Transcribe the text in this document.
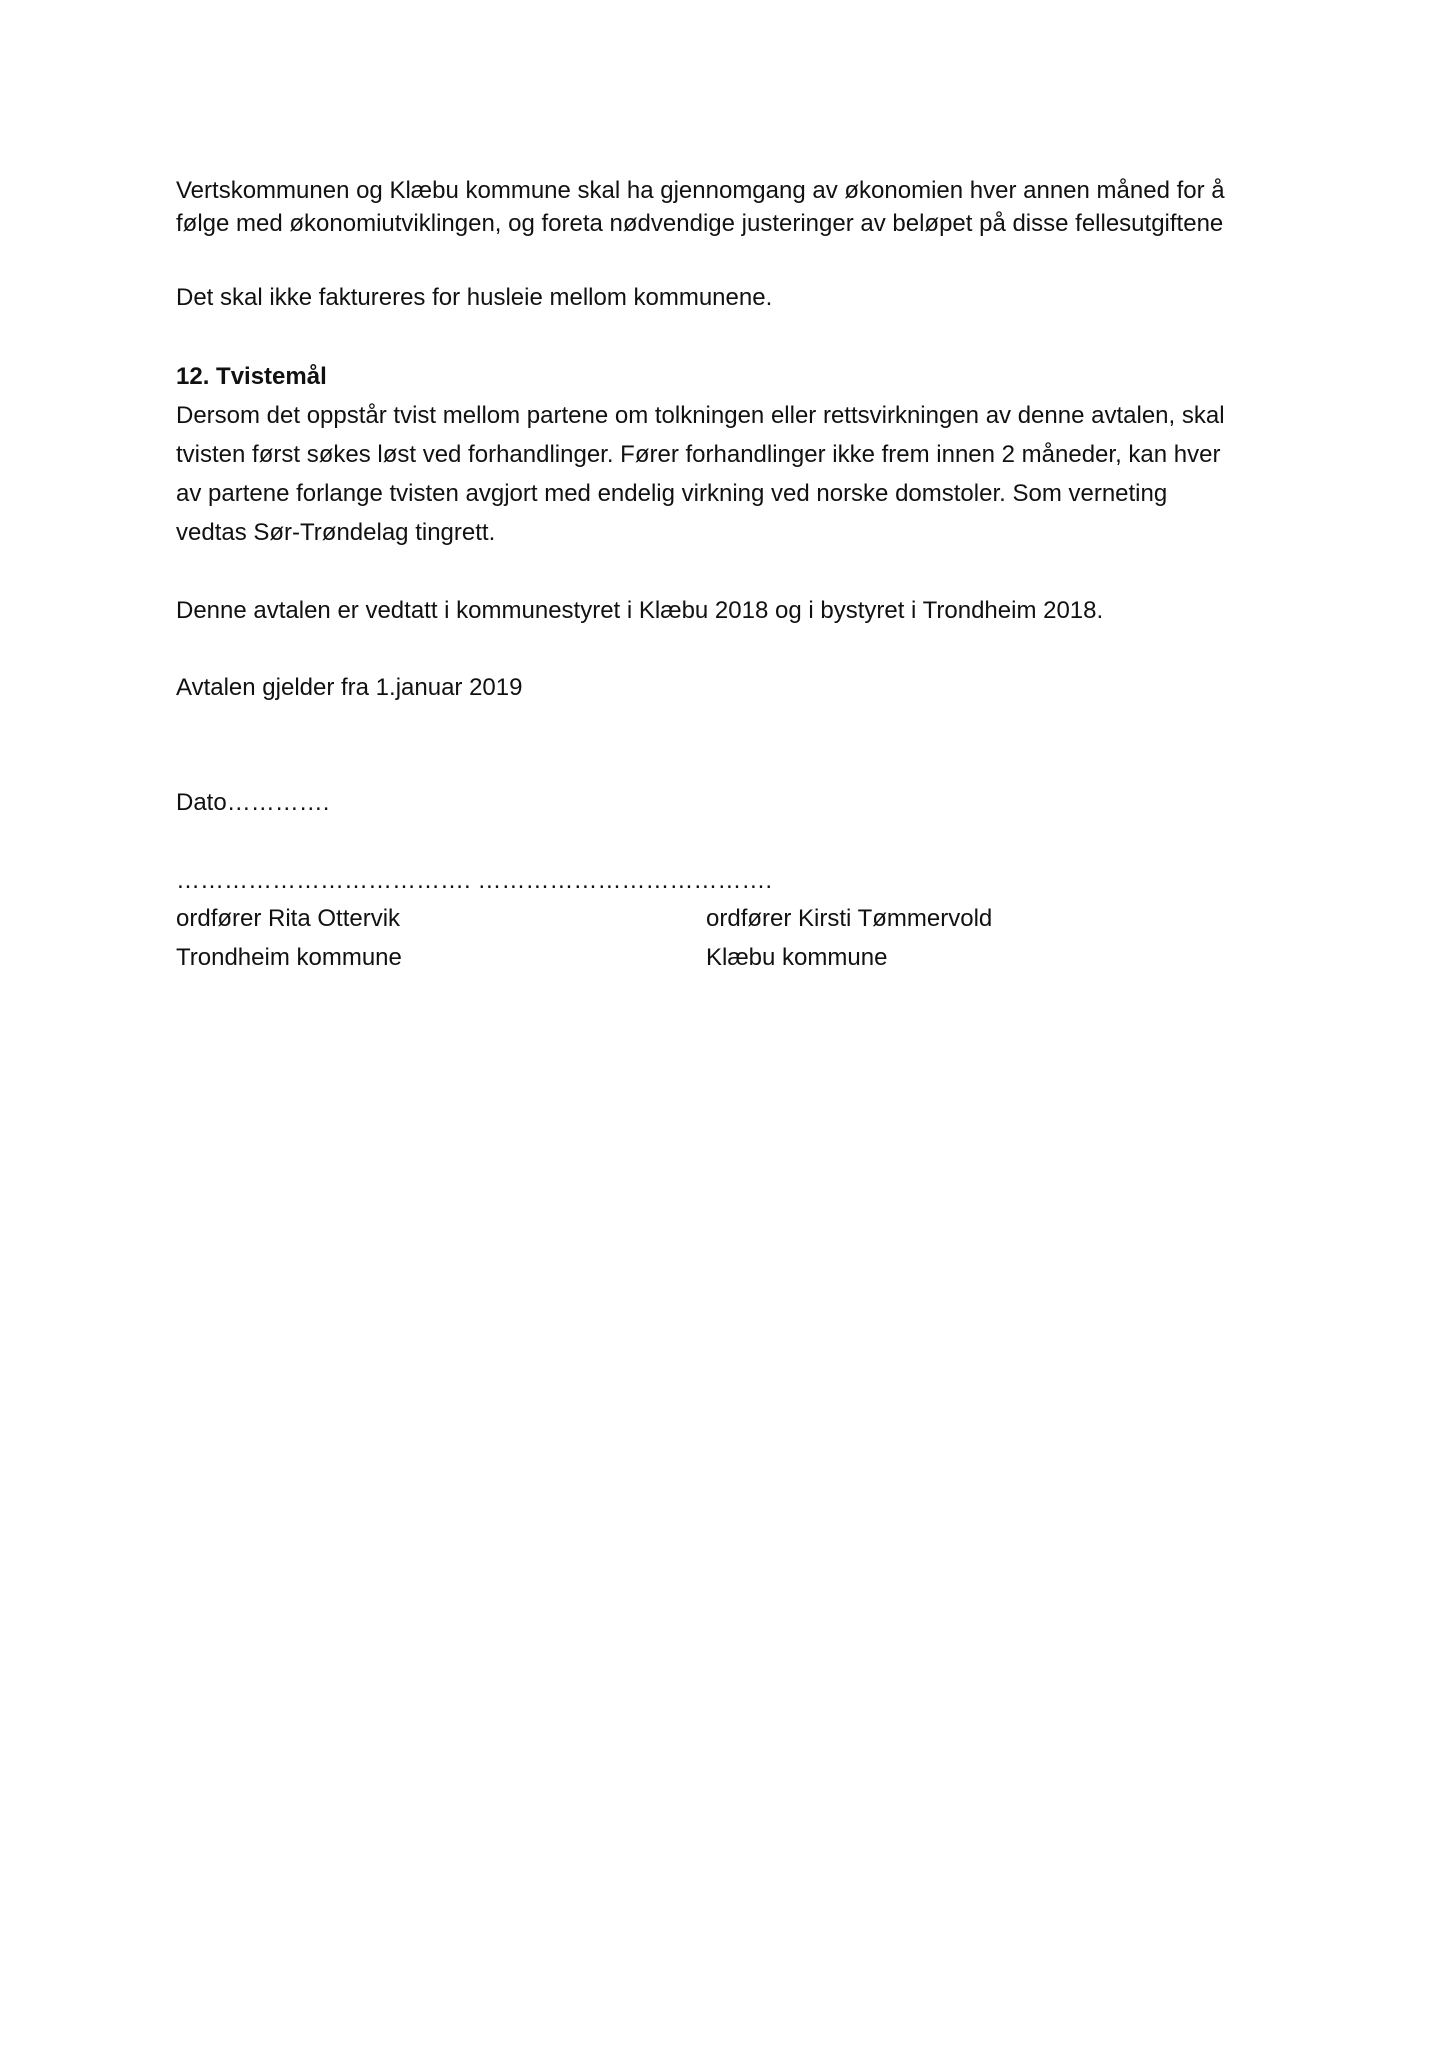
Vertskommunen og Klæbu kommune skal ha gjennomgang av økonomien hver annen måned for å
følge med økonomiutviklingen, og foreta nødvendige justeringer av beløpet på disse fellesutgiftene
Det skal ikke faktureres for husleie mellom kommunene.
12. Tvistemål
Dersom det oppstår tvist mellom partene om tolkningen eller rettsvirkningen av denne avtalen, skal
tvisten først søkes løst ved forhandlinger. Fører forhandlinger ikke frem innen 2 måneder, kan hver
av partene forlange tvisten avgjort med endelig virkning ved norske domstoler. Som verneting
vedtas Sør-Trøndelag tingrett.
Denne avtalen er vedtatt i kommunestyret i Klæbu 2018 og i bystyret i Trondheim 2018.
Avtalen gjelder fra 1.januar 2019
Dato………….
………………………………. ……………………………….
ordfører Rita Ottervik	ordfører Kirsti Tømmervold
Trondheim kommune	Klæbu kommune
